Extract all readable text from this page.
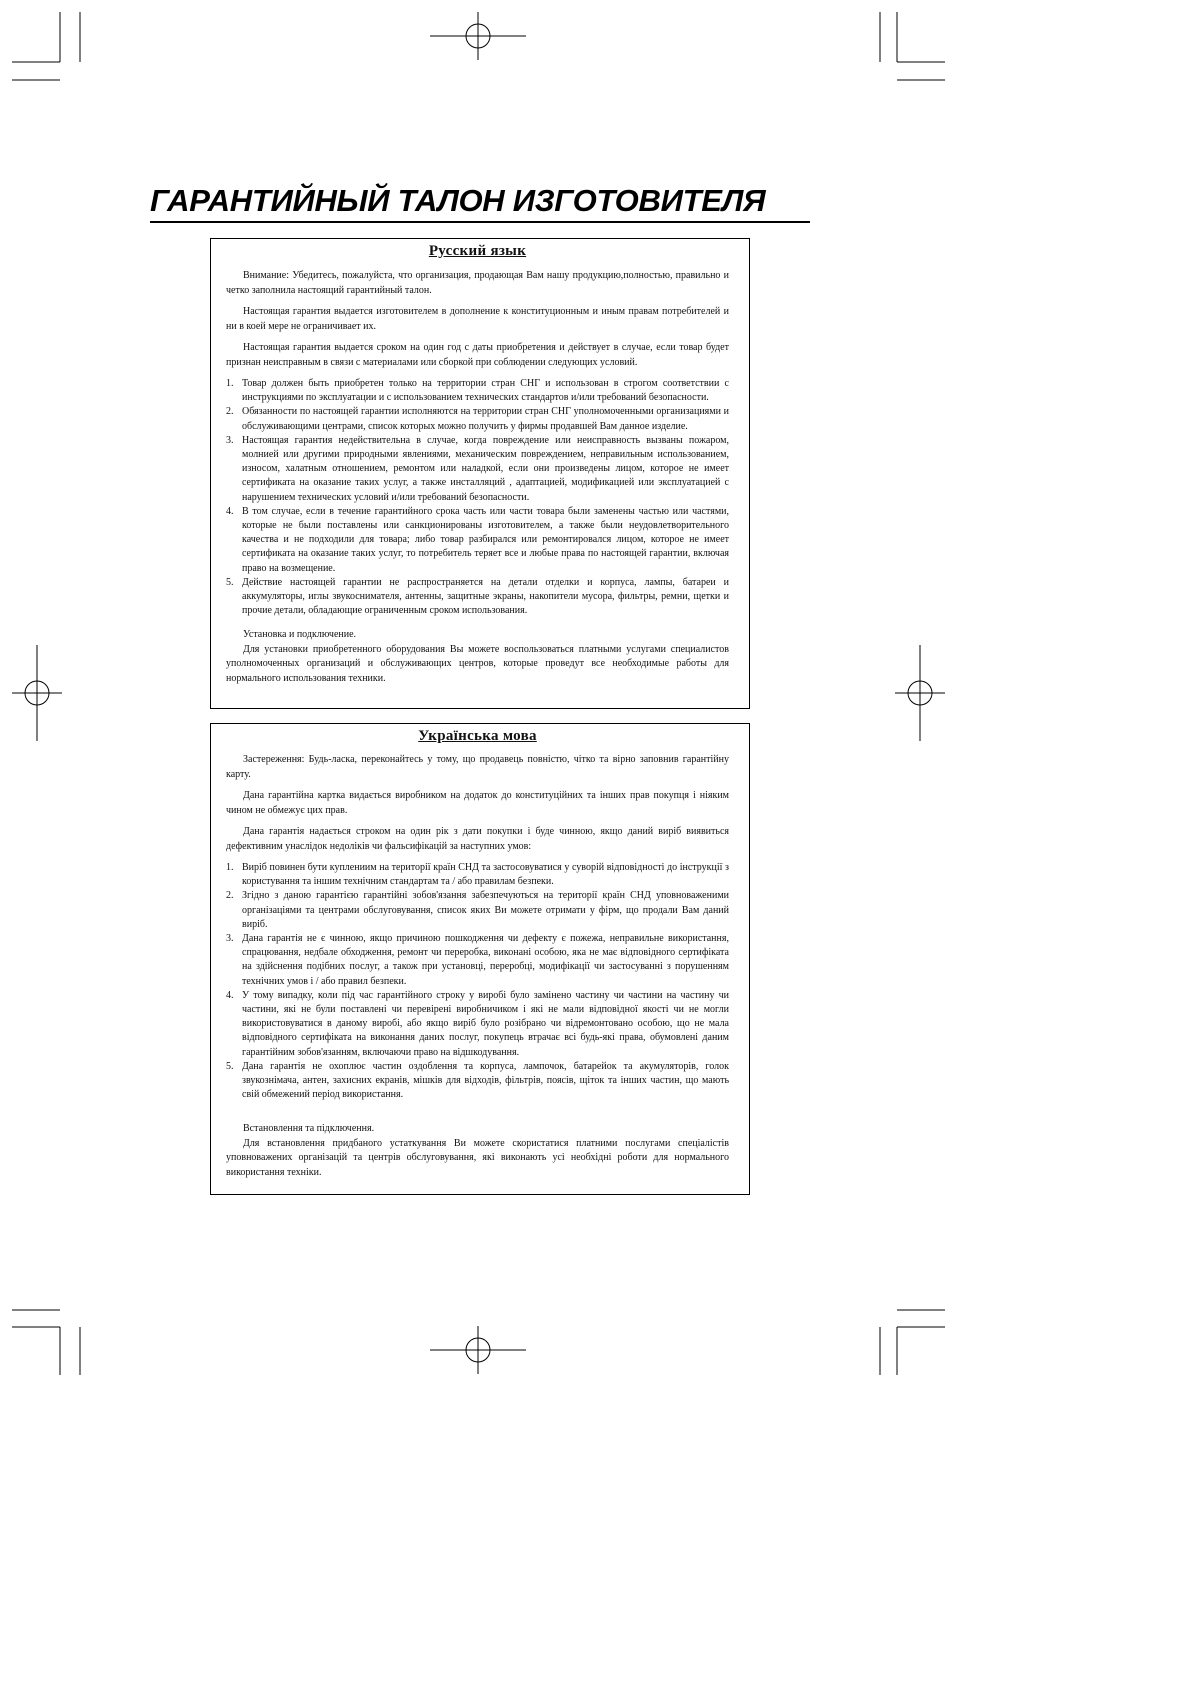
ГАРАНТИЙНЫЙ ТАЛОН ИЗГОТОВИТЕЛЯ
Русский язык

Внимание: Убедитесь, пожалуйста, что организация, продающая Вам нашу продукцию,полностью, правильно и четко заполнила настоящий гарантийный талон.

Настоящая гарантия выдается изготовителем в дополнение к конституционным и иным правам потребителей и ни в коей мере не ограничивает их.

Настоящая гарантия выдается сроком на один год с даты приобретения и действует в случае, если товар будет признан неисправным в связи с материалами или сборкой при соблюдении следующих условий.

1. Товар должен быть приобретен только на территории стран СНГ и использован в строгом соответствии с инструкциями по эксплуатации и с использованием технических стандартов и/или требований безопасности.
2. Обязанности по настоящей гарантии исполняются на территории стран СНГ уполномоченными организациями и обслуживающими центрами, список которых можно получить у фирмы продавшей Вам данное изделие.
3. Настоящая гарантия недействительна в случае, когда повреждение или неисправность вызваны пожаром, молнией или другими природными явлениями, механическим повреждением, неправильным использованием, износом, халатным отношением, ремонтом или наладкой, если они произведены лицом, которое не имеет сертификата на оказание таких услуг, а также инсталляций , адаптацией, модификацией или эксплуатацией с нарушением технических условий и/или требований безопасности.
4. В том случае, если в течение гарантийного срока часть или части товара были заменены частью или частями, которые не были поставлены или санкционированы изготовителем, а также были неудовлетворительного качества и не подходили для товара; либо товар разбирался или ремонтировался лицом, которое не имеет сертификата на оказание таких услуг, то потребитель теряет все и любые права по настоящей гарантии, включая право на возмещение.
5. Действие настоящей гарантии не распространяется на детали отделки и корпуса, лампы, батареи и аккумуляторы, иглы звукоснимателя, антенны, защитные экраны, накопители мусора, фильтры, ремни, щетки и прочие детали, обладающие ограниченным сроком использования.

Установка и подключение.

Для установки приобретенного оборудования Вы можете воспользоваться платными услугами специалистов уполномоченных организаций и обслуживающих центров, которые проведут все необходимые работы для нормального использования техники.

Українська мова

Застереження: Будь-ласка, переконайтесь у тому, що продавець повністю, чітко та вірно заповнив гарантійну карту.

Дана гарантійна картка видається виробником на додаток до конституційних та інших прав покупця і ніяким чином не обмежує цих прав.

Дана гарантія надається строком на один рік з дати покупки і буде чинною, якщо даний виріб виявиться дефективним унаслідок недоліків чи фальсифікацій за наступних умов:

1. Виріб повинен бути куплениим на території країн СНД та застосовуватися у суворій відповідності до інструкції з користування та іншим технічним стандартам та / або правилам безпеки.
2. Згідно з даною гарантією гарантійні зобов'язання забезпечуються на території країн СНД уповноваженими організаціями та центрами обслуговування, список яких Ви можете отримати у фірм, що продали Вам даний виріб.
3. Дана гарантія не є чинною, якщо причиною пошкодження чи дефекту є пожежа, неправильне використання, спрацювання, недбале обходження, ремонт чи переробка, виконані особою, яка не має відповідного сертифіката на здійснення подібних послуг, а також при установці, переробці, модифікації чи застосуванні з порушенням технічних умов і / або правил безпеки.
4. У тому випадку, коли під час гарантійного строку у виробі було замінено частину чи частини на частину чи частини, які не були поставлені чи перевірені виробничиком і які не мали відповідної якості чи не могли використовуватися в даному виробі, або якщо виріб було розібрано чи відремонтовано особою, що не мала відповідного сертифіката на виконання даних послуг, покупець втрачає всі будь-які права, обумовлені даним гарантійним зобов'язанням, включаючи право на відшкодування.
5. Дана гарантія не охоплює частин оздоблення та корпуса, лампочок, батарейок та акумуляторів, голок звукознімача, антен, захисних екранів, мішків для відходів, фільтрів, поясів, щіток та інших частин, що мають свій обмежений період використання.

Встановлення та підключення.

Для встановлення придбаного устаткування Ви можете скористатися платними послугами спеціалістів уповноважених організацій та центрів обслуговування, які виконають усі необхідні роботи для нормального використання техніки.
